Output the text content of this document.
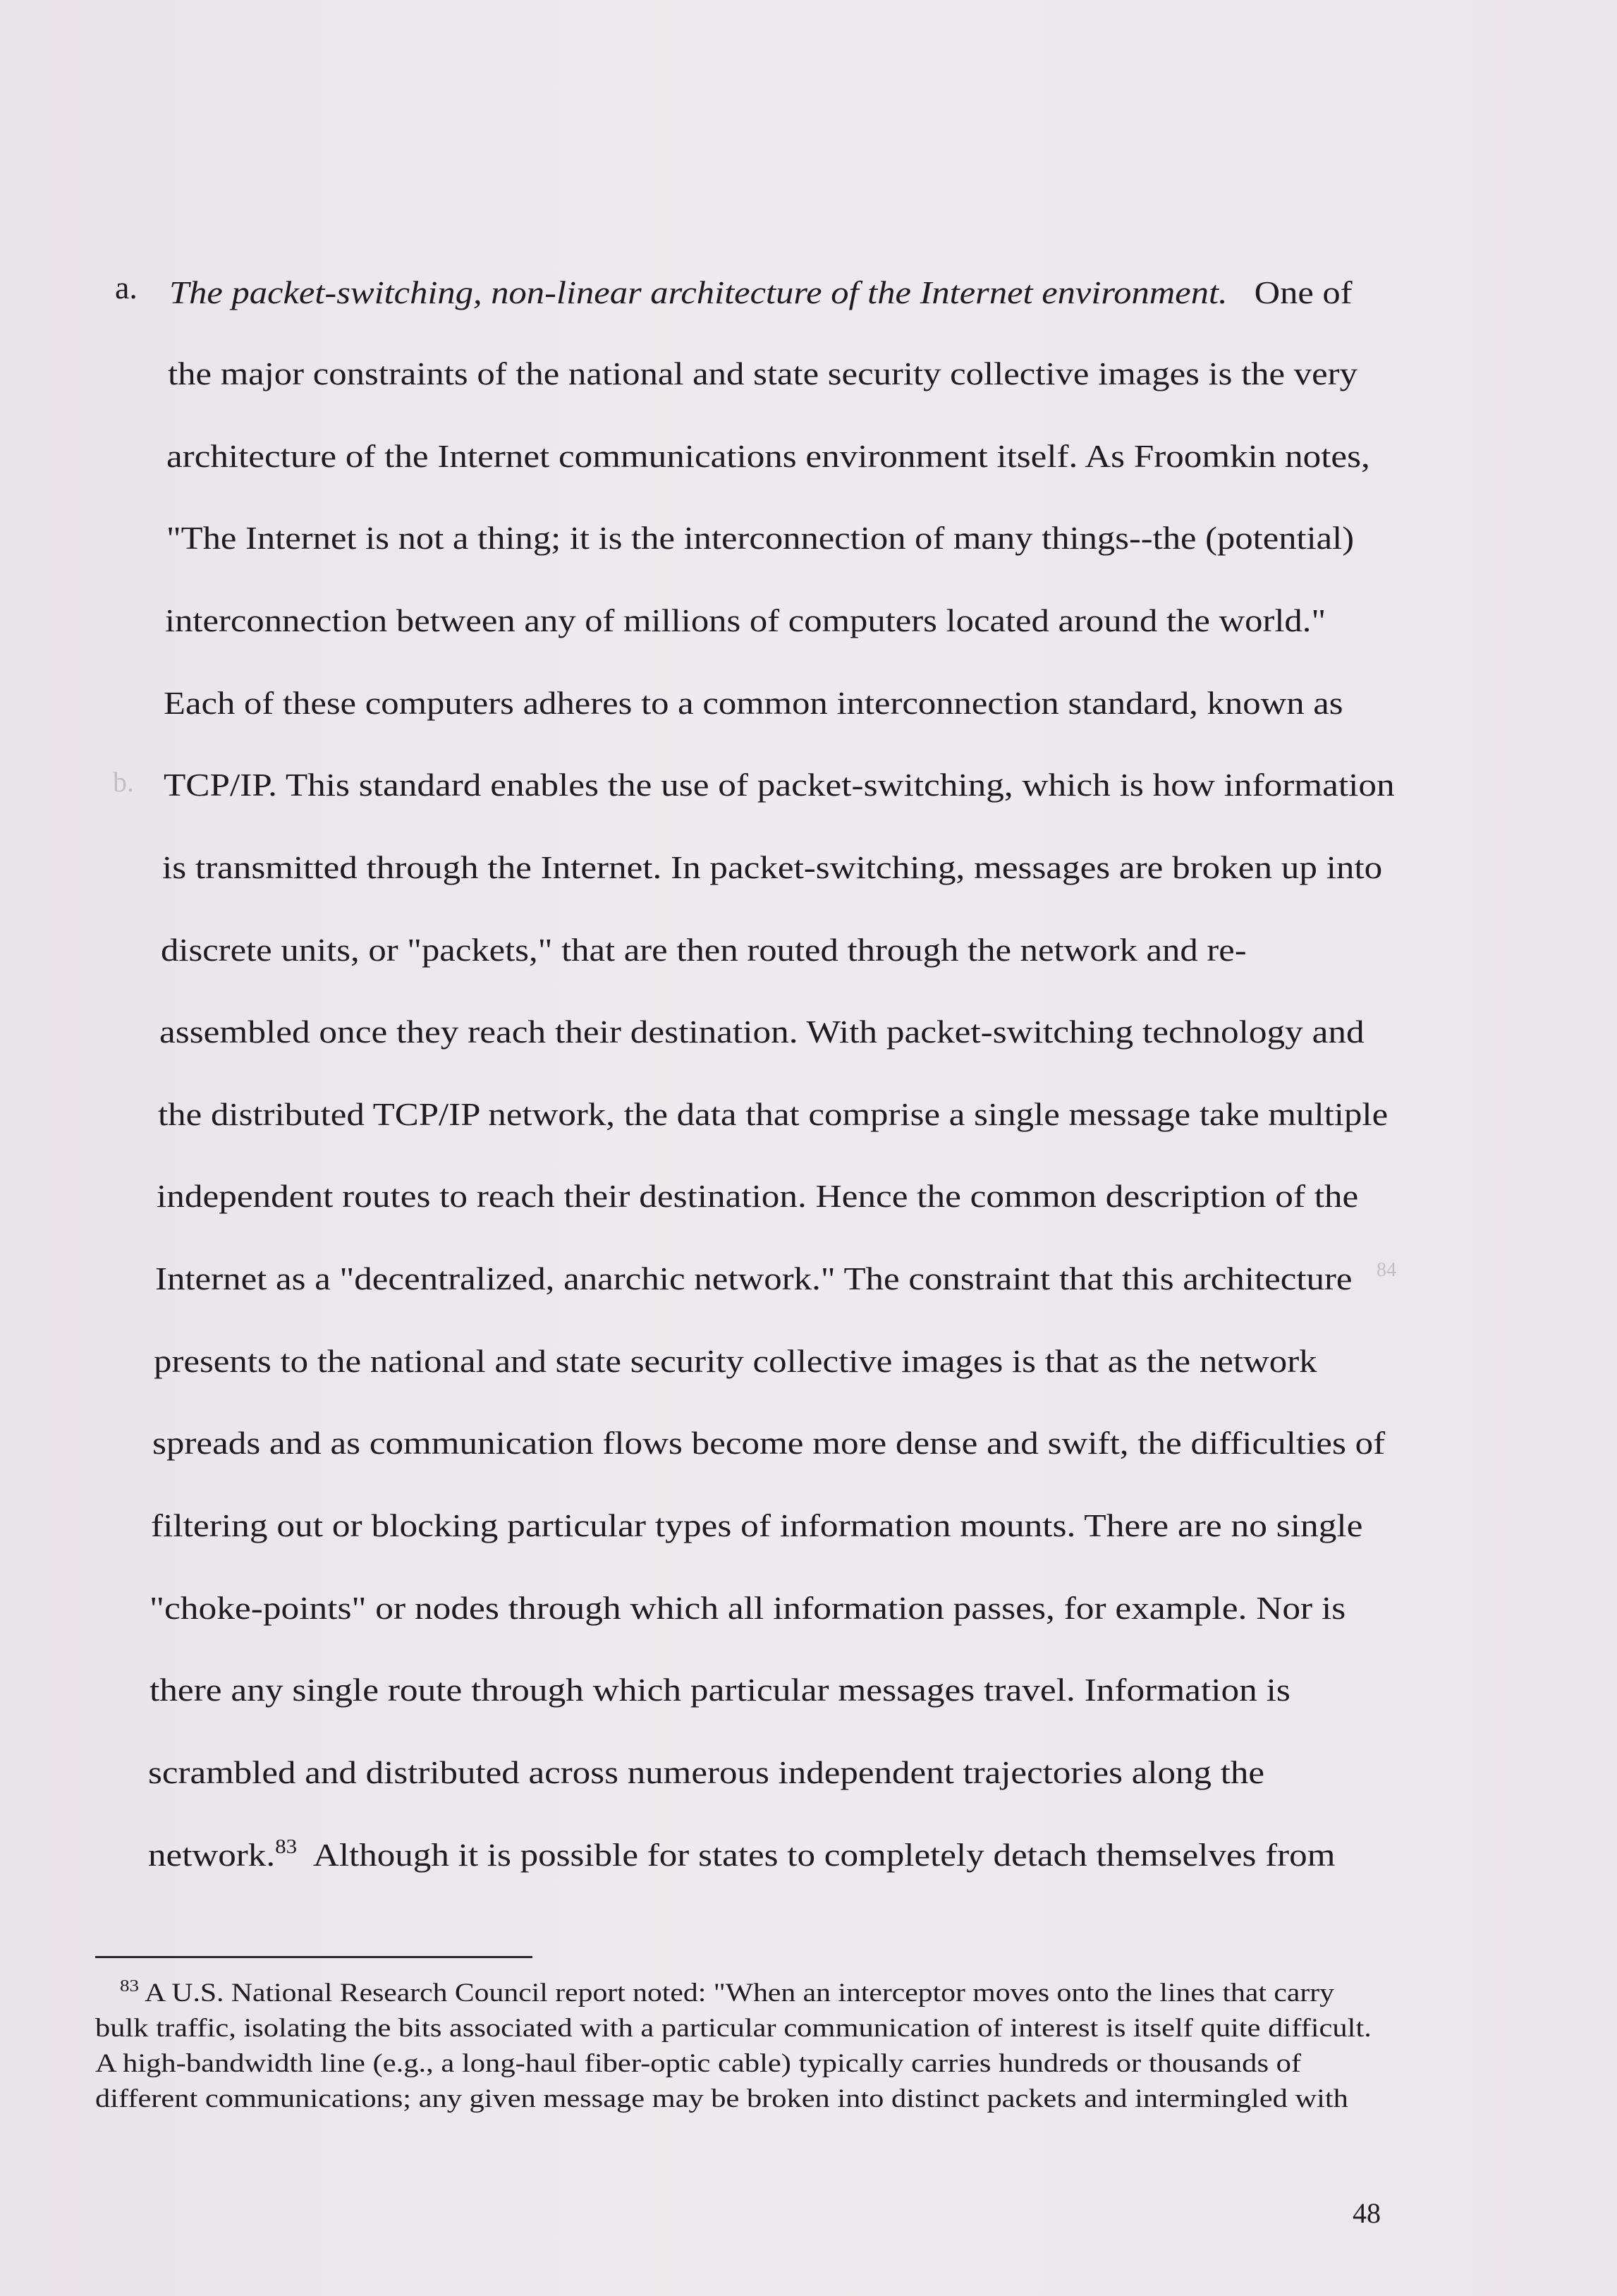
b.
84
a. The packet-switching, non-linear architecture of the Internet environment. One of
the major constraints of the national and state security collective images is the very
architecture of the Internet communications environment itself. As Froomkin notes,
"The Internet is not a thing; it is the interconnection of many things--the (potential)
interconnection between any of millions of computers located around the world."
Each of these computers adheres to a common interconnection standard, known as
TCP/IP. This standard enables the use of packet-switching, which is how information
is transmitted through the Internet. In packet-switching, messages are broken up into
discrete units, or "packets," that are then routed through the network and re-
assembled once they reach their destination. With packet-switching technology and
the distributed TCP/IP network, the data that comprise a single message take multiple
independent routes to reach their destination. Hence the common description of the
Internet as a "decentralized, anarchic network." The constraint that this architecture
presents to the national and state security collective images is that as the network
spreads and as communication flows become more dense and swift, the difficulties of
filtering out or blocking particular types of information mounts. There are no single
"choke-points" or nodes through which all information passes, for example. Nor is
there any single route through which particular messages travel. Information is
scrambled and distributed across numerous independent trajectories along the
network.$^{83}$  Although it is possible for states to completely detach themselves from
$^{83}$ A U.S. National Research Council report noted: "When an interceptor moves onto the lines that carry
bulk traffic, isolating the bits associated with a particular communication of interest is itself quite difficult.
A high-bandwidth line (e.g., a long-haul fiber-optic cable) typically carries hundreds or thousands of
different communications; any given message may be broken into distinct packets and intermingled with
48
